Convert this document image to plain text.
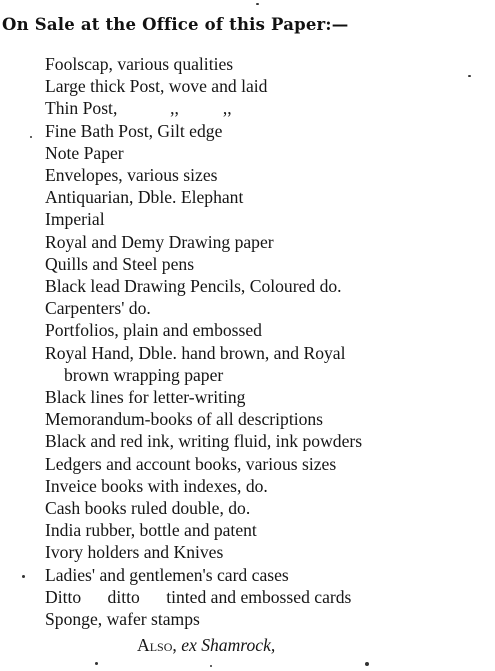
On Sale at the Office of this Paper:—
Foolscap, various qualities
Large thick Post, wove and laid
Thin Post,            ,,          ,,
Fine Bath Post, Gilt edge
Note Paper
Envelopes, various sizes
Antiquarian, Dble. Elephant
Imperial
Royal and Demy Drawing paper
Quills and Steel pens
Black lead Drawing Pencils, Coloured do.
Carpenters' do.
Portfolios, plain and embossed
Royal Hand, Dble. hand brown, and Royal
brown wrapping paper
Black lines for letter-writing
Memorandum-books of all descriptions
Black and red ink, writing fluid, ink powders
Ledgers and account books, various sizes
Inveice books with indexes, do.
Cash books ruled double, do.
India rubber, bottle and patent
Ivory holders and Knives
Ladies' and gentlemen's card cases
Ditto      ditto      tinted and embossed cards
Sponge, wafer stamps
Also, ex Shamrock,
